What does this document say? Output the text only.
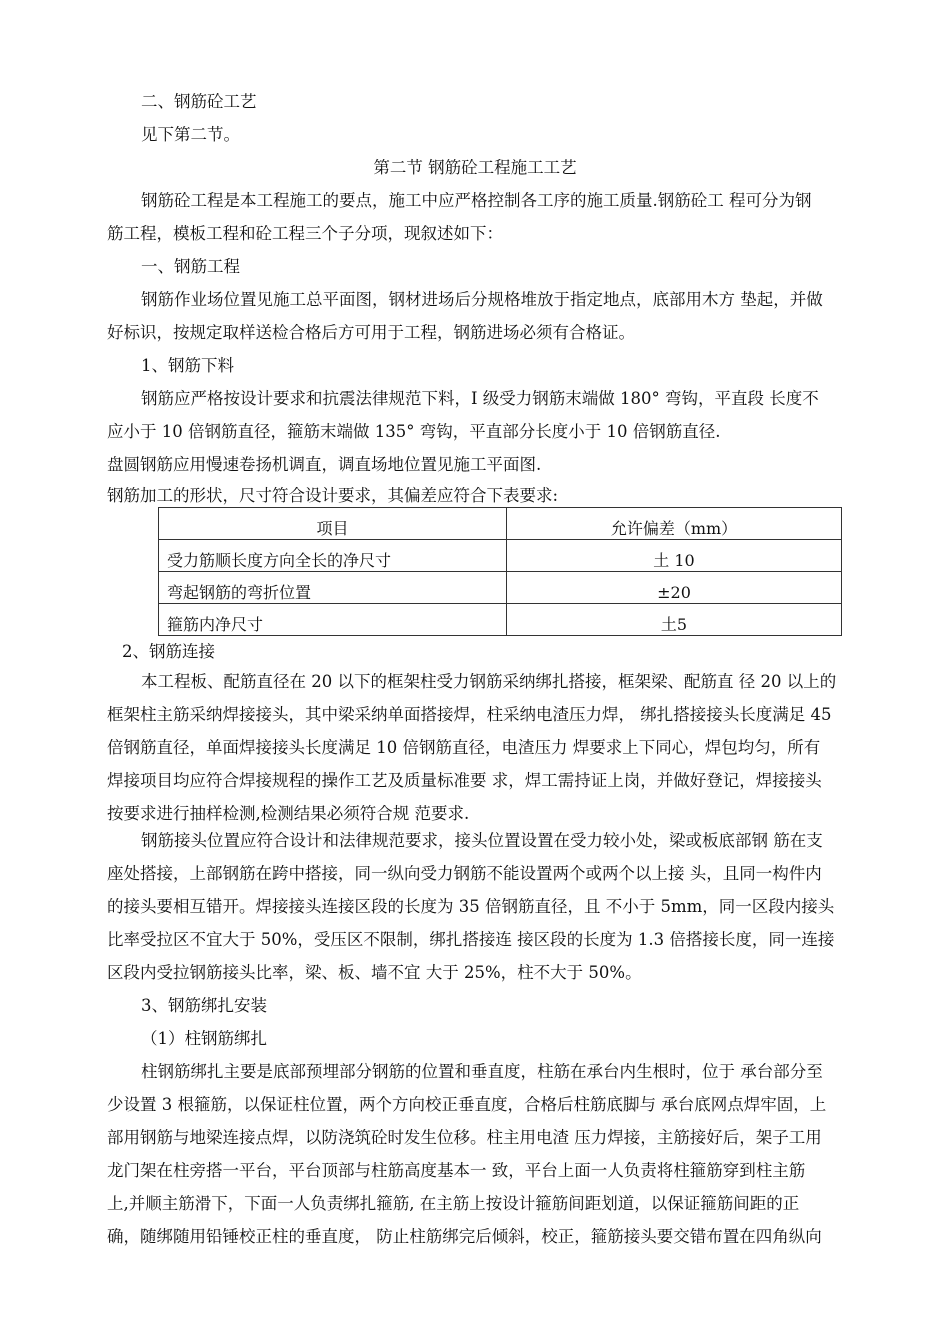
二、钢筋砼工艺
见下第二节。
第二节 钢筋砼工程施工工艺
钢筋砼工程是本工程施工的要点，施工中应严格控制各工序的施工质量.钢筋砼工 程可分为钢
筋工程，模板工程和砼工程三个子分项，现叙述如下：
一、钢筋工程
钢筋作业场位置见施工总平面图，钢材进场后分规格堆放于指定地点，底部用木方 垫起，并做
好标识，按规定取样送检合格后方可用于工程，钢筋进场必须有合格证。
1、钢筋下料
钢筋应严格按设计要求和抗震法律规范下料，I 级受力钢筋末端做 180° 弯钩，平直段 长度不
应小于 10 倍钢筋直径，箍筋末端做 135° 弯钩，平直部分长度小于 10 倍钢筋直径.
盘圆钢筋应用慢速卷扬机调直，调直场地位置见施工平面图.
钢筋加工的形状，尺寸符合设计要求，其偏差应符合下表要求:
项目	允许偏差（mm）
受力筋顺长度方向全长的净尺寸	土 10
弯起钢筋的弯折位置	±20
箍筋内净尺寸	土5
2、钢筋连接
本工程板、配筋直径在 20 以下的框架柱受力钢筋采纳绑扎搭接，框架梁、配筋直 径 20 以上的
框架柱主筋采纳焊接接头，其中梁采纳单面搭接焊，柱采纳电渣压力焊， 绑扎搭接接头长度满足 45
倍钢筋直径，单面焊接接头长度满足 10 倍钢筋直径，电渣压力 焊要求上下同心，焊包均匀，所有
焊接项目均应符合焊接规程的操作工艺及质量标准要 求，焊工需持证上岗，并做好登记，焊接接头
按要求进行抽样检测,检测结果必须符合规 范要求.
钢筋接头位置应符合设计和法律规范要求，接头位置设置在受力较小处，梁或板底部钢 筋在支
座处搭接，上部钢筋在跨中搭接，同一纵向受力钢筋不能设置两个或两个以上接 头，且同一构件内
的接头要相互错开。焊接接头连接区段的长度为 35 倍钢筋直径，且 不小于 5mm，同一区段内接头
比率受拉区不宜大于 50%，受压区不限制，绑扎搭接连 接区段的长度为 1.3 倍搭接长度，同一连接
区段内受拉钢筋接头比率，梁、板、墙不宜 大于 25%，柱不大于 50%。
3、钢筋绑扎安装
（1）柱钢筋绑扎
柱钢筋绑扎主要是底部预埋部分钢筋的位置和垂直度，柱筋在承台内生根时，位于 承台部分至
少设置 3 根箍筋，以保证柱位置，两个方向校正垂直度，合格后柱筋底脚与 承台底网点焊牢固，上
部用钢筋与地梁连接点焊，以防浇筑砼时发生位移。柱主用电渣 压力焊接，主筋接好后，架子工用
龙门架在柱旁搭一平台，平台顶部与柱筋高度基本一 致，平台上面一人负责将柱箍筋穿到柱主筋
上,并顺主筋滑下，下面一人负责绑扎箍筋, 在主筋上按设计箍筋间距划道，以保证箍筋间距的正
确，随绑随用铅锤校正柱的垂直度， 防止柱筋绑完后倾斜，校正，箍筋接头要交错布置在四角纵向
